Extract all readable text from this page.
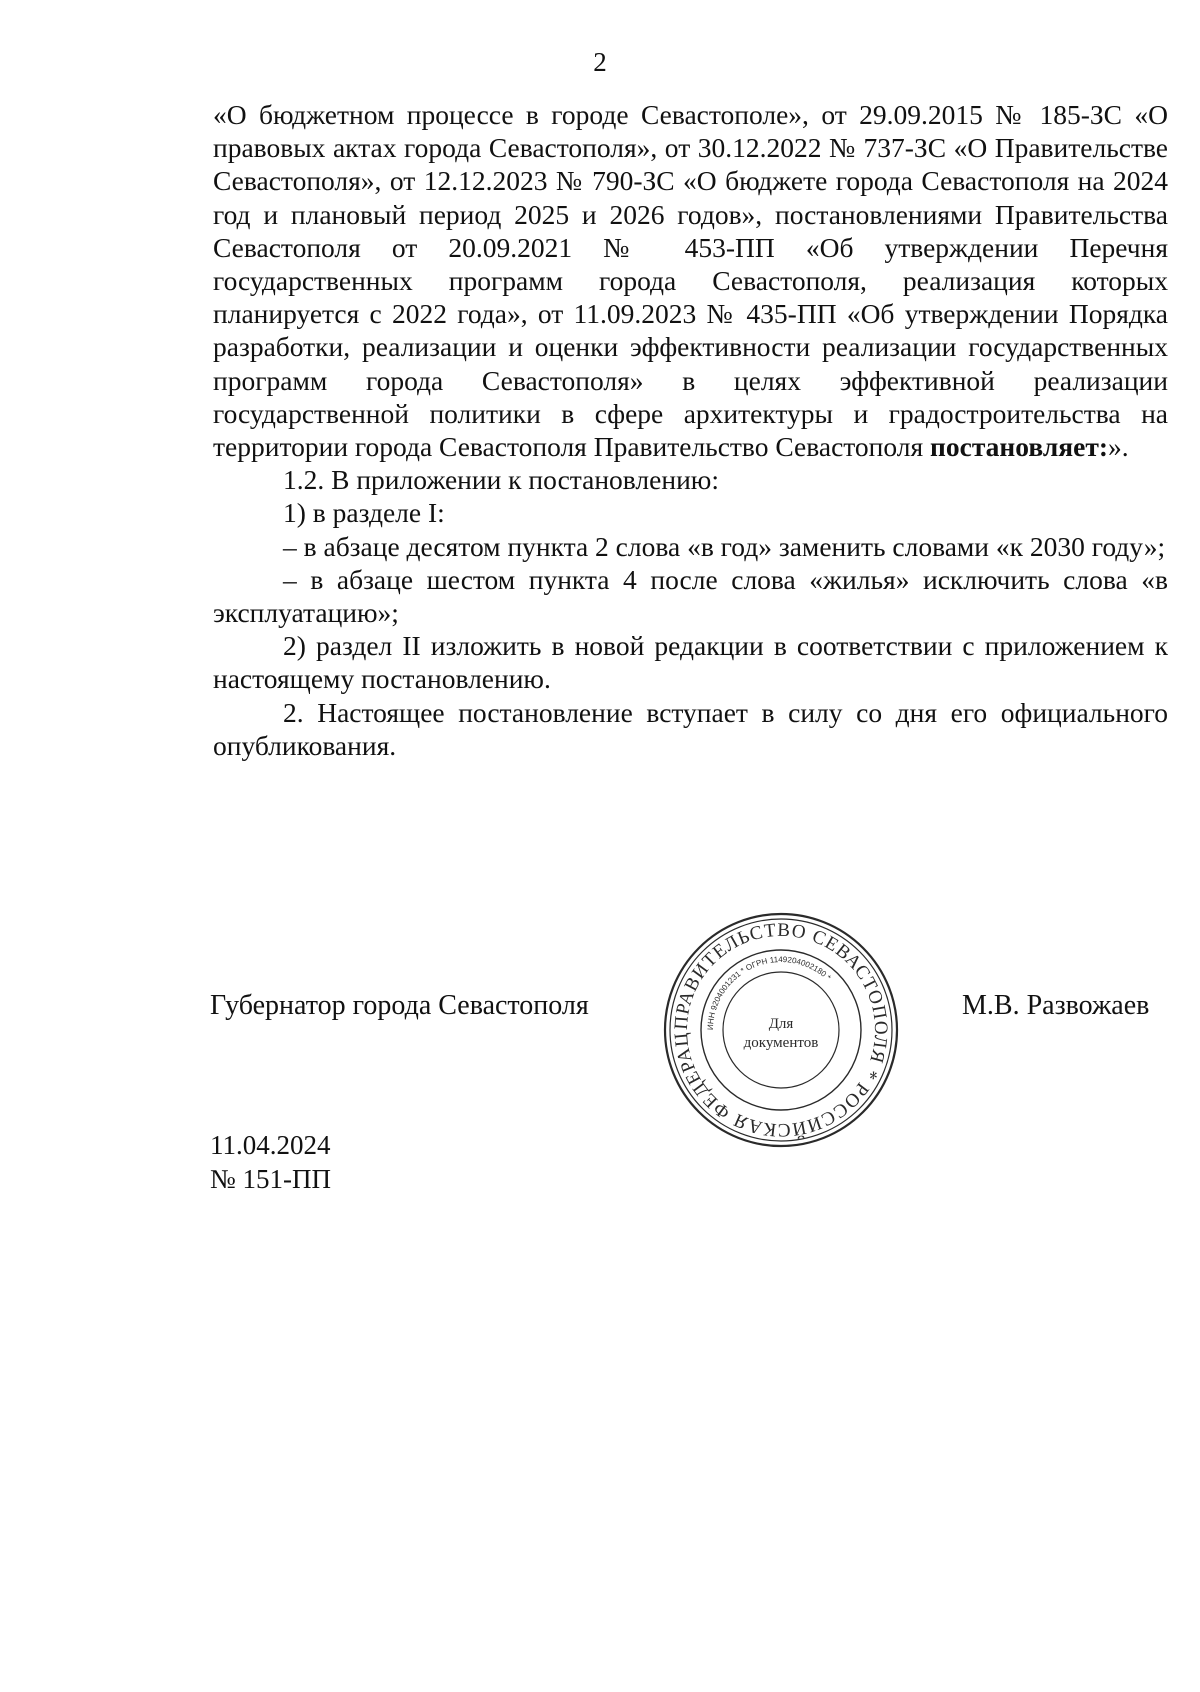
2

«О бюджетном процессе в городе Севастополе», от 29.09.2015 № 185-ЗС «О правовых актах города Севастополя», от 30.12.2022 № 737-ЗС «О Правительстве Севастополя», от 12.12.2023 № 790-ЗС «О бюджете города Севастополя на 2024 год и плановый период 2025 и 2026 годов», постановлениями Правительства Севастополя от 20.09.2021 № 453-ПП «Об утверждении Перечня государственных программ города Севастополя, реализация которых планируется с 2022 года», от 11.09.2023 № 435-ПП «Об утверждении Порядка разработки, реализации и оценки эффективности реализации государственных программ города Севастополя» в целях эффективной реализации государственной политики в сфере архитектуры и градостроительства на территории города Севастополя Правительство Севастополя постановляет:».

1.2. В приложении к постановлению:

1) в разделе I:

– в абзаце десятом пункта 2 слова «в год» заменить словами «к 2030 году»;

– в абзаце шестом пункта 4 после слова «жилья» исключить слова «в эксплуатацию»;

2) раздел II изложить в новой редакции в соответствии с приложением к настоящему постановлению.

2. Настоящее постановление вступает в силу со дня его официального опубликования.

Губернатор города Севастополя
ПРАВИТЕЛЬСТВО СЕВАСТОПОЛЯ * РОССИЙСКАЯ ФЕДЕРАЦ
ИНН 9204001231 * ОГРН 1149204002180 *
Для
документов
М.В. Развожаев
11.04.2024
№ 151-ПП
